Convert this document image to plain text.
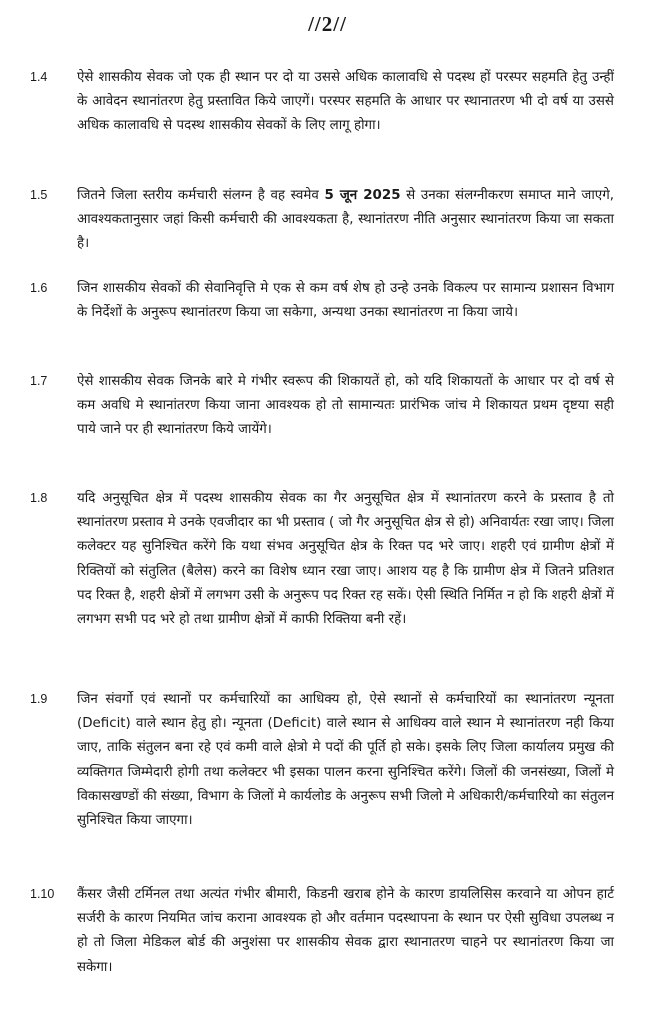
//2//
1.4 ऐसे शासकीय सेवक जो एक ही स्थान पर दो या उससे अधिक कालावधि से पदस्थ हों परस्पर सहमति हेतु उन्हीं के आवेदन स्थानांतरण हेतु प्रस्तावित किये जाएगें। परस्पर सहमति के आधार पर स्थानातरण भी दो वर्ष या उससे अधिक कालावधि से पदस्थ शासकीय सेवकों के लिए लागू होगा।

1.5 जितने जिला स्तरीय कर्मचारी संलग्न है वह स्वमेव 5 जून 2025 से उनका संलग्नीकरण समाप्त माने जाएगे, आवश्यकतानुसार जहां किसी कर्मचारी की आवश्यकता है, स्थानांतरण नीति अनुसार स्थानांतरण किया जा सकता है।

1.6 जिन शासकीय सेवकों की सेवानिवृत्ति मे एक से कम वर्ष शेष हो उन्हे उनके विकल्प पर सामान्य प्रशासन विभाग के निर्देशों के अनुरूप स्थानांतरण किया जा सकेगा, अन्यथा उनका स्थानांतरण ना किया जाये।

1.7 ऐसे शासकीय सेवक जिनके बारे मे गंभीर स्वरूप की शिकायतें हो, को यदि शिकायतों के आधार पर दो वर्ष से कम अवधि मे स्थानांतरण किया जाना आवश्यक हो तो सामान्यतः प्रारंभिक जांच मे शिकायत प्रथम दृष्टया सही पाये जाने पर ही स्थानांतरण किये जायेंगे।

1.8 यदि अनुसूचित क्षेत्र में पदस्थ शासकीय सेवक का गैर अनुसूचित क्षेत्र में स्थानांतरण करने के प्रस्ताव है तो स्थानांतरण प्रस्ताव मे उनके एवजीदार का भी प्रस्ताव ( जो गैर अनुसूचित क्षेत्र से हो) अनिवार्यतः रखा जाए। जिला कलेक्टर यह सुनिश्चित करेंगे कि यथा संभव अनुसूचित क्षेत्र के रिक्त पद भरे जाए। शहरी एवं ग्रामीण क्षेत्रों में रिक्तियों को संतुलित (बैलेस) करने का विशेष ध्यान रखा जाए। आशय यह है कि ग्रामीण क्षेत्र में जितने प्रतिशत पद रिक्त है, शहरी क्षेत्रों में लगभग उसी के अनुरूप पद रिक्त रह सकें। ऐसी स्थिति निर्मित न हो कि शहरी क्षेत्रों में लगभग सभी पद भरे हो तथा ग्रामीण क्षेत्रों में काफी रिक्तिया बनी रहें।

1.9 जिन संवर्गो एवं स्थानों पर कर्मचारियों का आधिक्य हो, ऐसे स्थानों से कर्मचारियों का स्थानांतरण न्यूनता (Deficit) वाले स्थान हेतु हो। न्यूनता (Deficit) वाले स्थान से आधिक्य वाले स्थान मे स्थानांतरण नही किया जाए, ताकि संतुलन बना रहे एवं कमी वाले क्षेत्रो मे पदों की पूर्ति हो सके। इसके लिए जिला कार्यालय प्रमुख की व्यक्तिगत जिम्मेदारी होगी तथा कलेक्टर भी इसका पालन करना सुनिश्चित करेंगे। जिलों की जनसंख्या, जिलों मे विकासखण्डों की संख्या, विभाग के जिलों मे कार्यलोड के अनुरूप सभी जिलो मे अधिकारी/कर्मचारियो का संतुलन सुनिश्चित किया जाएगा।

1.10 कैंसर जैसी टर्मिनल तथा अत्यंत गंभीर बीमारी, किडनी खराब होने के कारण डायलिसिस करवाने या ओपन हार्ट सर्जरी के कारण नियमित जांच कराना आवश्यक हो और वर्तमान पदस्थापना के स्थान पर ऐसी सुविधा उपलब्ध न हो तो जिला मेडिकल बोर्ड की अनुशंसा पर शासकीय सेवक द्वारा स्थानातरण चाहने पर स्थानांतरण किया जा सकेगा।
